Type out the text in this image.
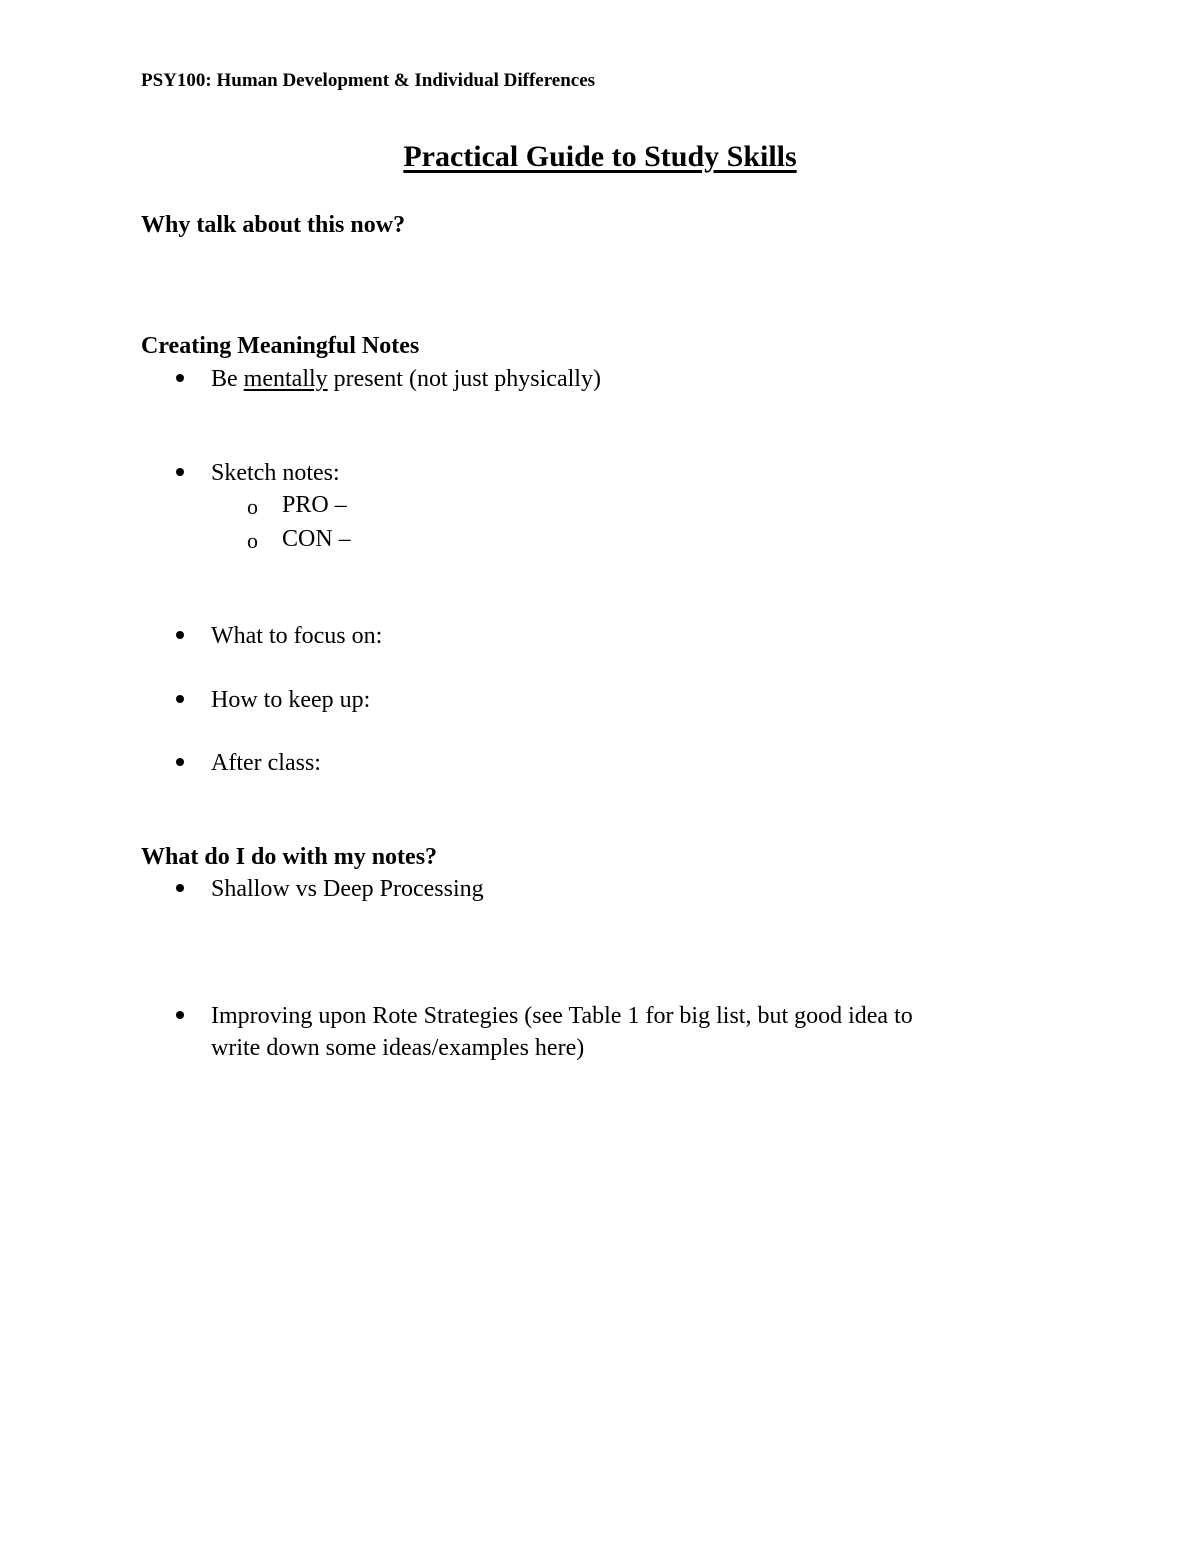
PSY100: Human Development & Individual Differences
Practical Guide to Study Skills
Why talk about this now?
Creating Meaningful Notes
Be mentally present (not just physically)
Sketch notes:
o PRO –
o CON –
What to focus on:
How to keep up:
After class:
What do I do with my notes?
Shallow vs Deep Processing
Improving upon Rote Strategies (see Table 1 for big list, but good idea to
write down some ideas/examples here)
